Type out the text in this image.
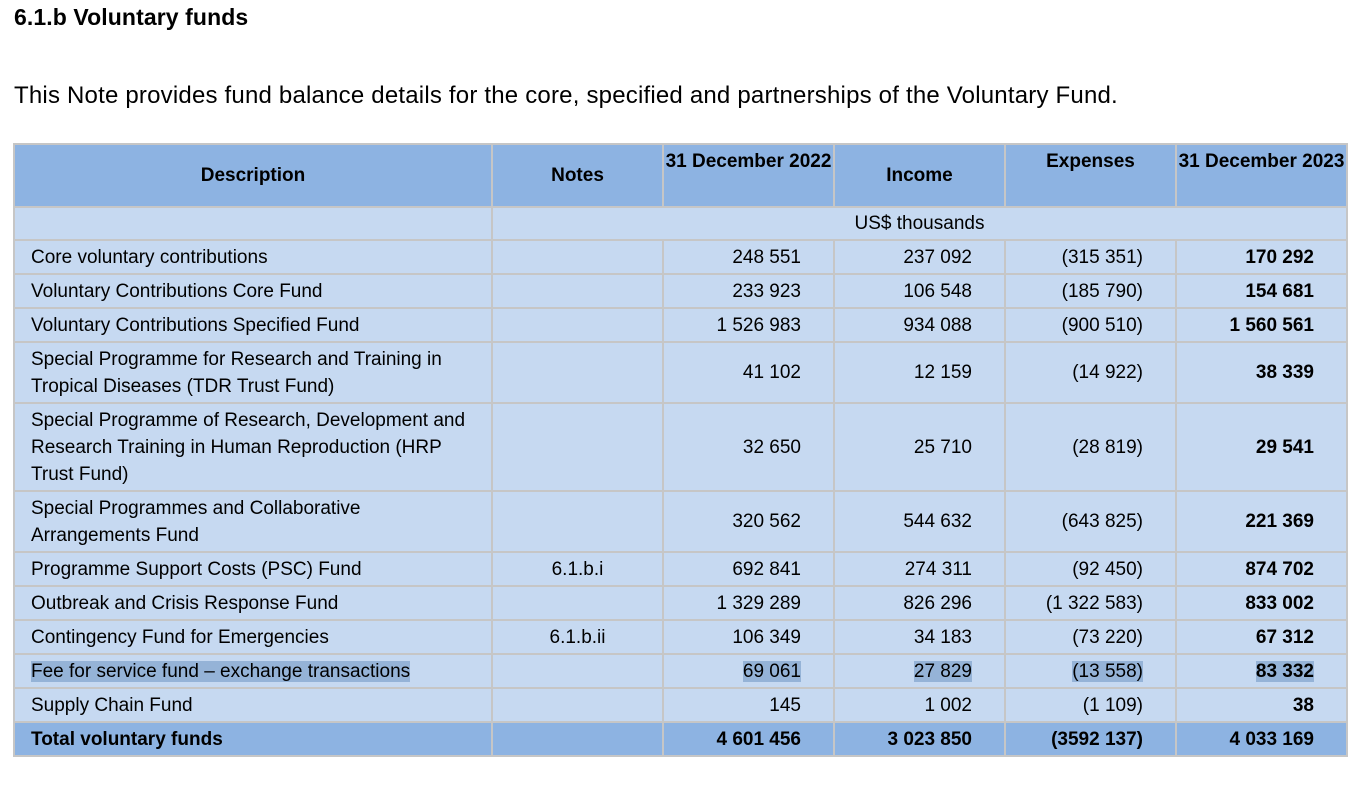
6.1.b Voluntary funds
This Note provides fund balance details for the core, specified and partnerships of the Voluntary Fund.
Description	Notes	31 December 2022	Income	Expenses	31 December 2023
	US$ thousands				
Core voluntary contributions		248 551	237 092	(315 351)	170 292
Voluntary Contributions Core Fund		233 923	106 548	(185 790)	154 681
Voluntary Contributions Specified Fund		1 526 983	934 088	(900 510)	1 560 561
Special Programme for Research and Training in Tropical Diseases (TDR Trust Fund)		41 102	12 159	(14 922)	38 339
Special Programme of Research, Development and Research Training in Human Reproduction (HRP Trust Fund)		32 650	25 710	(28 819)	29 541
Special Programmes and Collaborative Arrangements Fund		320 562	544 632	(643 825)	221 369
Programme Support Costs (PSC) Fund	6.1.b.i	692 841	274 311	(92 450)	874 702
Outbreak and Crisis Response Fund		1 329 289	826 296	(1 322 583)	833 002
Contingency Fund for Emergencies	6.1.b.ii	106 349	34 183	(73 220)	67 312
Fee for service fund – exchange transactions		69 061	27 829	(13 558)	83 332
Supply Chain Fund		145	1 002	(1 109)	38
Total voluntary funds		4 601 456	3 023 850	(3592 137)	4 033 169
